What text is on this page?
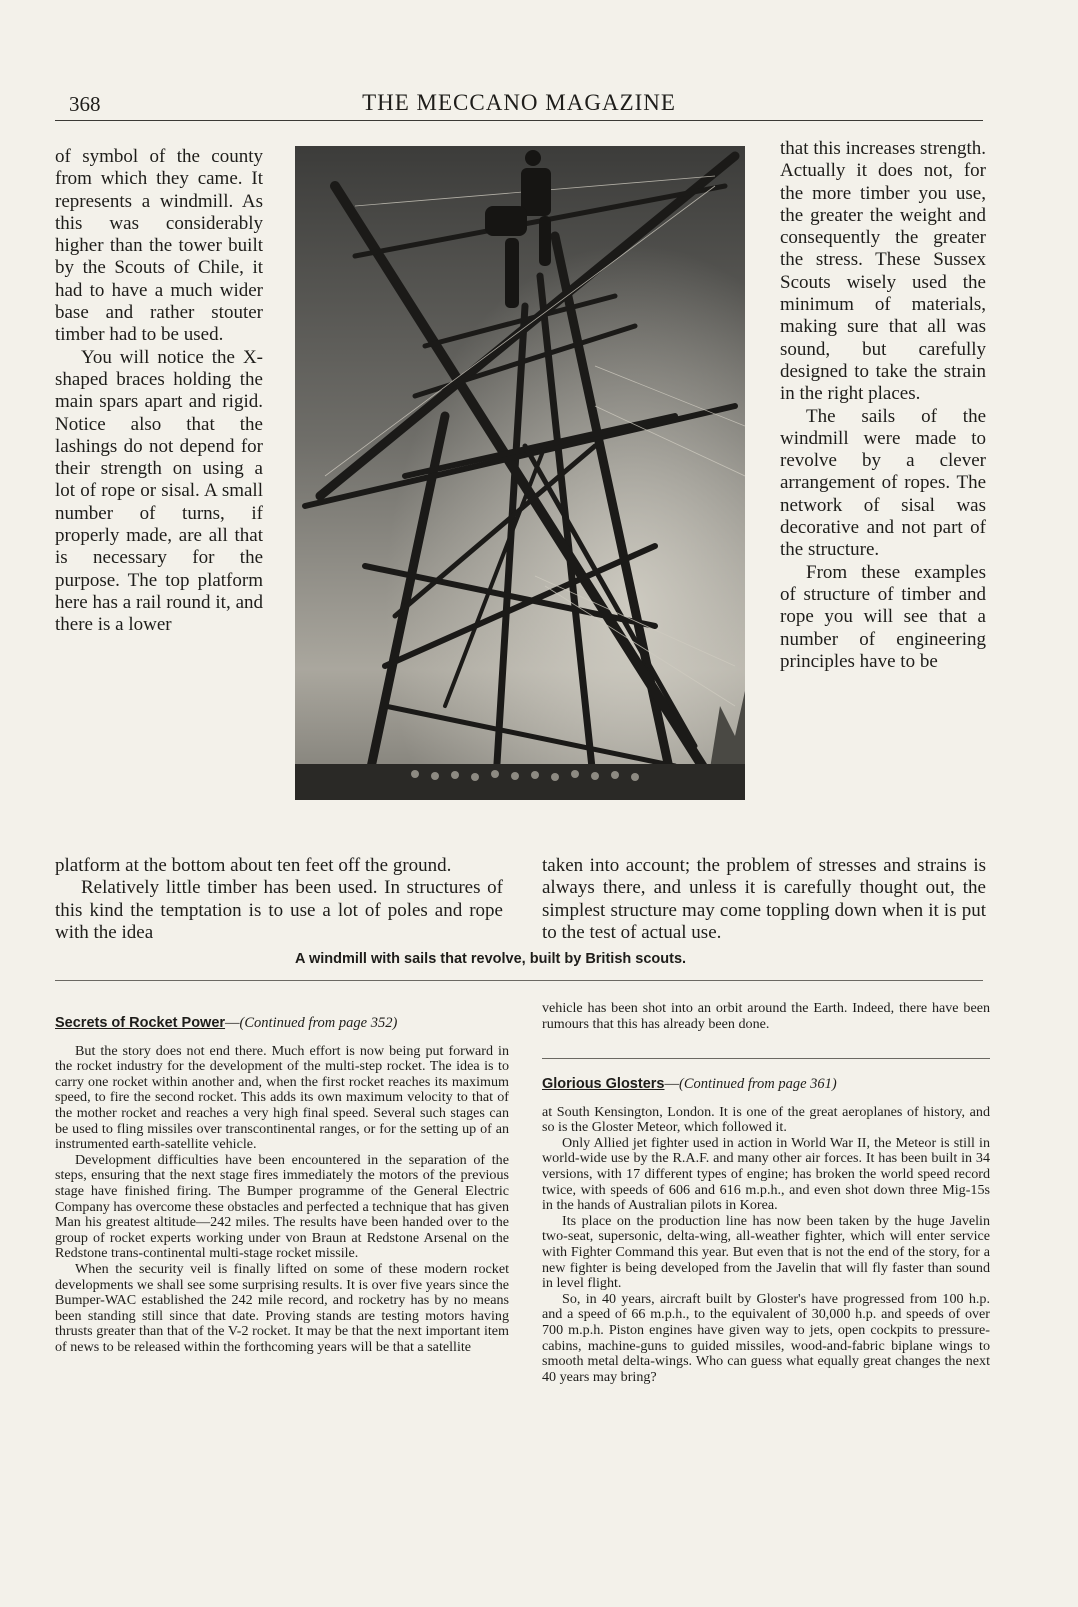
368	THE MECCANO MAGAZINE

of symbol of the county from which they came. It represents a windmill. As this was considerably higher than the tower built by the Scouts of Chile, it had to have a much wider base and rather stouter timber had to be used.

You will notice the X-shaped braces holding the main spars apart and rigid. Notice also that the lashings do not depend for their strength on using a lot of rope or sisal. A small number of turns, if properly made, are all that is necessary for the purpose. The top platform here has a rail round it, and there is a lower

A windmill with sails that revolve, built by British scouts.

that this increases strength. Actually it does not, for the more timber you use, the greater the weight and consequently the greater the stress. These Sussex Scouts wisely used the minimum of materials, making sure that all was sound, but carefully designed to take the strain in the right places.

The sails of the windmill were made to revolve by a clever arrangement of ropes. The network of sisal was decorative and not part of the structure.

From these examples of structure of timber and rope you will see that a number of engineering principles have to be

platform at the bottom about ten feet off the ground.

Relatively little timber has been used. In structures of this kind the temptation is to use a lot of poles and rope with the idea

taken into account; the problem of stresses and strains is always there, and unless it is carefully thought out, the simplest structure may come toppling down when it is put to the test of actual use.

Secrets of Rocket Power—(Continued from page 352)

But the story does not end there. Much effort is now being put forward in the rocket industry for the development of the multi-step rocket. The idea is to carry one rocket within another and, when the first rocket reaches its maximum speed, to fire the second rocket. This adds its own maximum velocity to that of the mother rocket and reaches a very high final speed. Several such stages can be used to fling missiles over transcontinental ranges, or for the setting up of an instrumented earth-satellite vehicle.

Development difficulties have been encountered in the separation of the steps, ensuring that the next stage fires immediately the motors of the previous stage have finished firing. The Bumper programme of the General Electric Company has overcome these obstacles and perfected a technique that has given Man his greatest altitude—242 miles. The results have been handed over to the group of rocket experts working under von Braun at Redstone Arsenal on the Redstone trans-continental multi-stage rocket missile.

When the security veil is finally lifted on some of these modern rocket developments we shall see some surprising results. It is over five years since the Bumper-WAC established the 242 mile record, and rocketry has by no means been standing still since that date. Proving stands are testing motors having thrusts greater than that of the V-2 rocket. It may be that the next important item of news to be released within the forthcoming years will be that a satellite

vehicle has been shot into an orbit around the Earth. Indeed, there have been rumours that this has already been done.

Glorious Glosters—(Continued from page 361)

at South Kensington, London. It is one of the great aeroplanes of history, and so is the Gloster Meteor, which followed it.

Only Allied jet fighter used in action in World War II, the Meteor is still in world-wide use by the R.A.F. and many other air forces. It has been built in 34 versions, with 17 different types of engine; has broken the world speed record twice, with speeds of 606 and 616 m.p.h., and even shot down three Mig-15s in the hands of Australian pilots in Korea.

Its place on the production line has now been taken by the huge Javelin two-seat, supersonic, delta-wing, all-weather fighter, which will enter service with Fighter Command this year. But even that is not the end of the story, for a new fighter is being developed from the Javelin that will fly faster than sound in level flight.

So, in 40 years, aircraft built by Gloster's have progressed from 100 h.p. and a speed of 66 m.p.h., to the equivalent of 30,000 h.p. and speeds of over 700 m.p.h. Piston engines have given way to jets, open cockpits to pressure-cabins, machine-guns to guided missiles, wood-and-fabric biplane wings to smooth metal delta-wings. Who can guess what equally great changes the next 40 years may bring?
